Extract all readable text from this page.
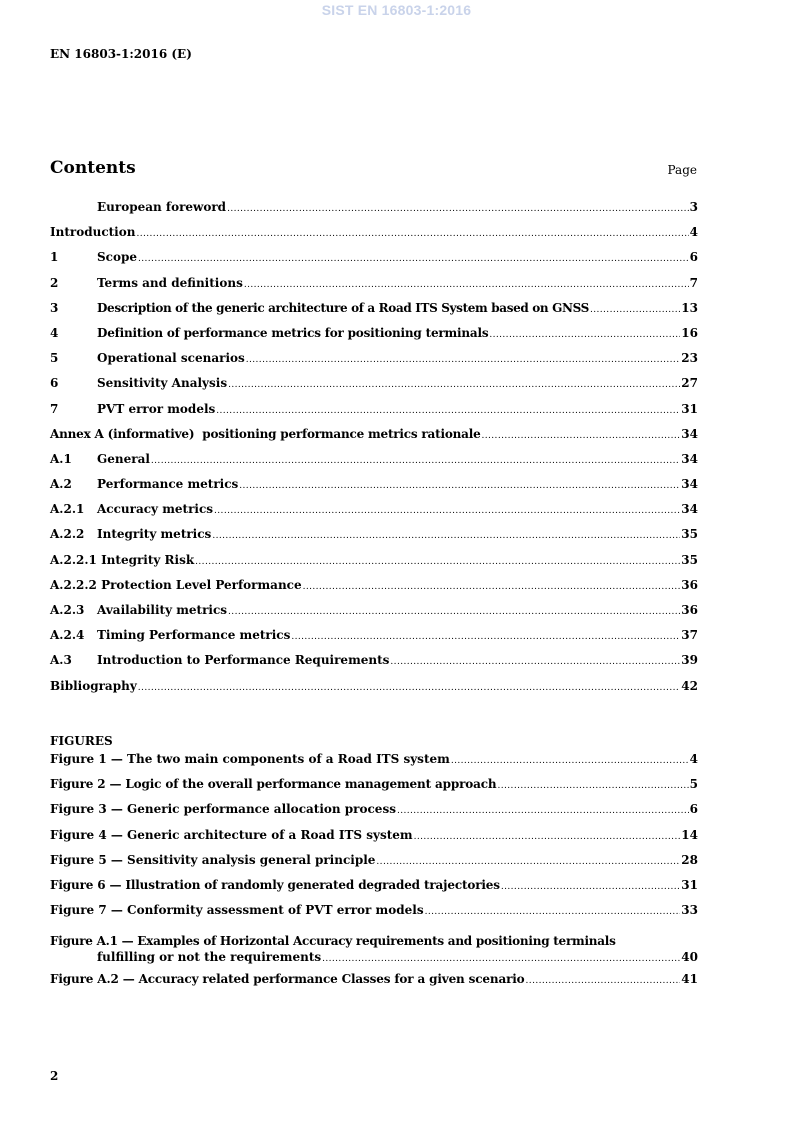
SIST EN 16803-1:2016
EN 16803-1:2016 (E)
Contents	Page
European foreword .....	3
Introduction .....	4
1	Scope .....	6
2	Terms and definitions .....	7
3	Description of the generic architecture of a Road ITS System based on GNSS .....	13
4	Definition of performance metrics for positioning terminals .....	16
5	Operational scenarios .....	23
6	Sensitivity Analysis .....	27
7	PVT error models .....	31
Annex A (informative)  positioning performance metrics rationale .....	34
A.1	General .....	34
A.2	Performance metrics .....	34
A.2.1	Accuracy metrics .....	34
A.2.2	Integrity metrics .....	35
A.2.2.1 Integrity Risk .....	35
A.2.2.2 Protection Level Performance .....	36
A.2.3	Availability metrics .....	36
A.2.4	Timing Performance metrics .....	37
A.3	Introduction to Performance Requirements .....	39
Bibliography .....	42
FIGURES
Figure 1 — The two main components of a Road ITS system .....	4
Figure 2 — Logic of the overall performance management approach .....	5
Figure 3 — Generic performance allocation process .....	6
Figure 4 — Generic architecture of a Road ITS system .....	14
Figure 5 — Sensitivity analysis general principle .....	28
Figure 6 — Illustration of randomly generated degraded trajectories .....	31
Figure 7 — Conformity assessment of PVT error models .....	33
Figure A.1 — Examples of Horizontal Accuracy requirements and positioning terminals
fulfilling or not the requirements .....	40
Figure A.2 — Accuracy related performance Classes for a given scenario .....	41
2
